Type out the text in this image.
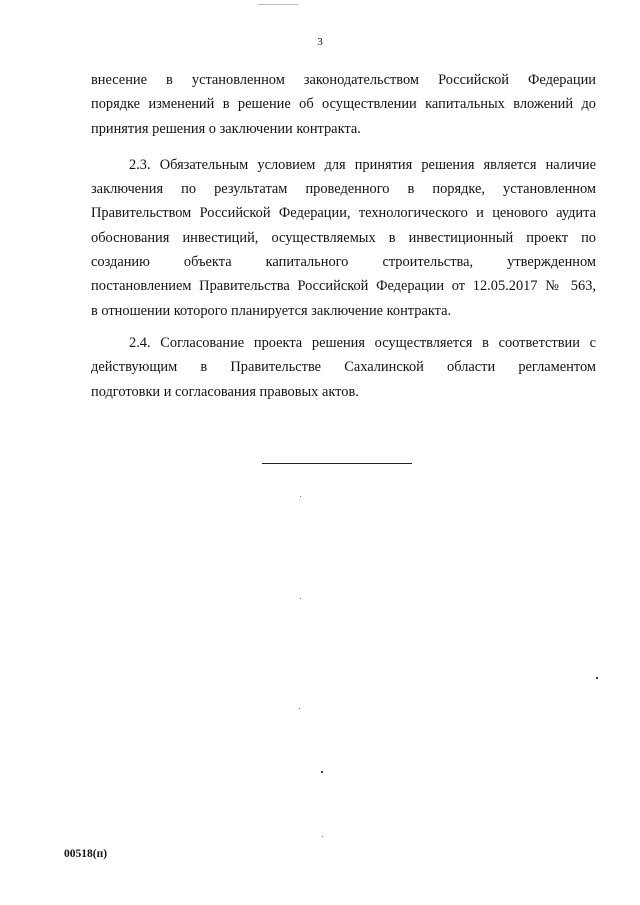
3
внесение в установленном законодательством Российской Федерации
порядке изменений в решение об осуществлении капитальных вложений до
принятия решения о заключении контракта.
2.3. Обязательным условием для принятия решения является наличие
заключения по результатам проведенного в порядке, установленном
Правительством Российской Федерации, технологического и ценового аудита
обоснования инвестиций, осуществляемых в инвестиционный проект по
созданию объекта капитального строительства, утвержденном
постановлением Правительства Российской Федерации от 12.05.2017 № 563,
в отношении которого планируется заключение контракта.
2.4. Согласование проекта решения осуществляется в соответствии с
действующим в Правительстве Сахалинской области регламентом
подготовки и согласования правовых актов.
00518(п)
